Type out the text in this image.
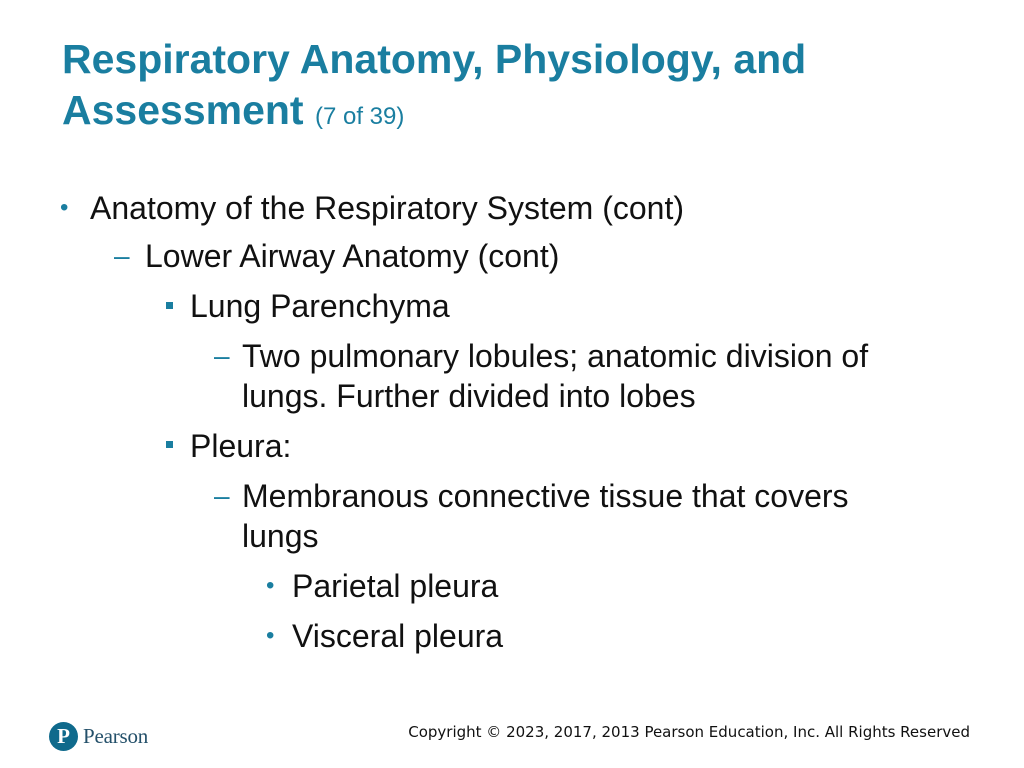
Respiratory Anatomy, Physiology, and Assessment (7 of 39)
• Anatomy of the Respiratory System (cont)
– Lower Airway Anatomy (cont)
Lung Parenchyma
– Two pulmonary lobules; anatomic division of
lungs. Further divided into lobes
Pleura:
– Membranous connective tissue that covers
lungs
• Parietal pleura
• Visceral pleura
P Pearson	Copyright © 2023, 2017, 2013 Pearson Education, Inc. All Rights Reserved
